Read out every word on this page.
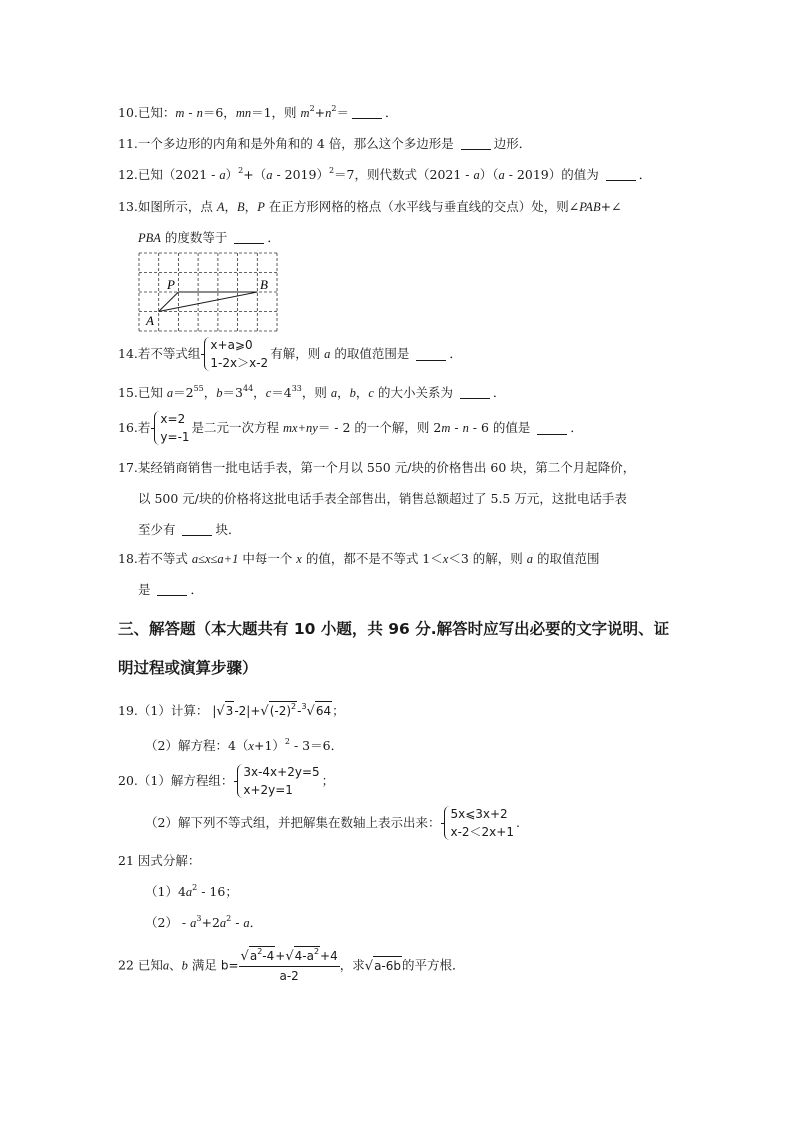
10.已知：m - n＝6，mn＝1，则 $m^2+n^2=$	．
11.一个多边形的内角和是外角和的 4 倍，那么这个多边形是	边形．
12.已知（2021 - a）$^2$+（a - 2019）$^2$＝7，则代数式（2021 - a）（a - 2019）的值为	．
13.如图所示，点 A，B，P 在正方形网格的格点（水平线与垂直线的交点）处，则∠PAB+∠
PBA 的度数等于	．
A
P	B
14.若不等式组
x+a⩾0
1-2x＞x-2
有解，则 a 的取值范围是	．
15.已知 $a=2^{55}$，$b=3^{44}$，$c=4^{33}$，则 a，b，c 的大小关系为	．
16.若
x=2
y=-1
是二元一次方程 mx+ny＝ - 2 的一个解，则 2m - n - 6 的值是	．
17.某经销商销售一批电话手表，第一个月以 550 元/块的价格售出 60 块，第二个月起降价，
以 500 元/块的价格将这批电话手表全部售出，销售总额超过了 5.5 万元，这批电话手表
至少有	块．
18.若不等式 a≤x≤a+1 中每一个 x 的值，都不是不等式 1＜x＜3 的解，则 a 的取值范围
是	．
三、解答题（本大题共有 10 小题，共 96 分.解答时应写出必要的文字说明、证
明过程或演算步骤）
19.（1）计算： $|√3-2|+√(-2)^2-^3√64$；
（2）解方程：$4(x+1)^2 - 3=6$．
20.（1）解方程组：
3x-4x+2y=5
x+2y=1
；
（2）解下列不等式组，并把解集在数轴上表示出来：
5x⩽3x+2
x-2＜2x+1
.
21 因式分解：
$(1)4a^2 - 16$；
$(2) - a^3+2a^2 - a$．
22 已知a、b 满足 $b= \frac{√a^2-4+√4-a^2+4}{a-2}$ ，求√a-6b的平方根．
